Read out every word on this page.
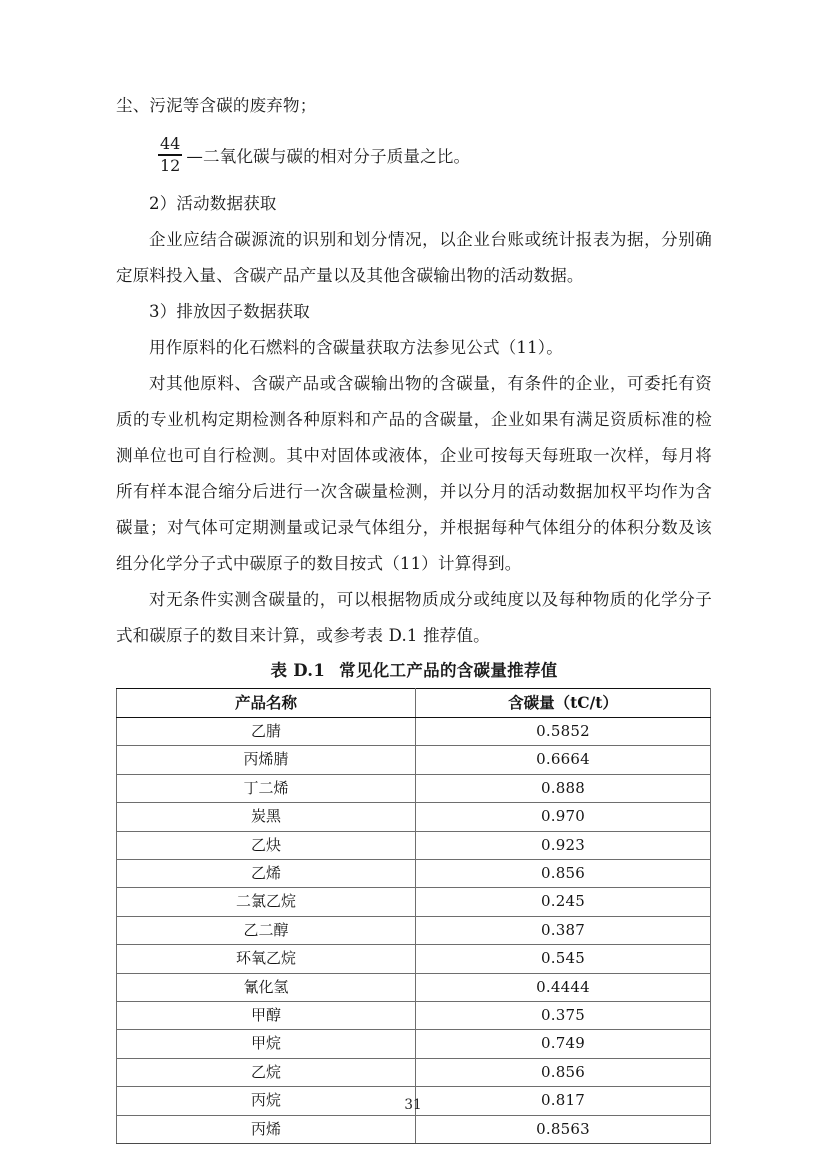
尘、污泥等含碳的废弃物；

$\frac{44}{12}$ —二氧化碳与碳的相对分子质量之比。

2）活动数据获取

企业应结合碳源流的识别和划分情况，以企业台账或统计报表为据，分别确定原料投入量、含碳产品产量以及其他含碳输出物的活动数据。

3）排放因子数据获取

用作原料的化石燃料的含碳量获取方法参见公式（11）。

对其他原料、含碳产品或含碳输出物的含碳量，有条件的企业，可委托有资质的专业机构定期检测各种原料和产品的含碳量，企业如果有满足资质标准的检测单位也可自行检测。其中对固体或液体，企业可按每天每班取一次样，每月将所有样本混合缩分后进行一次含碳量检测，并以分月的活动数据加权平均作为含碳量；对气体可定期测量或记录气体组分，并根据每种气体组分的体积分数及该组分化学分子式中碳原子的数目按式（11）计算得到。

对无条件实测含碳量的，可以根据物质成分或纯度以及每种物质的化学分子式和碳原子的数目来计算，或参考表 D.1 推荐值。

表 D.1 常见化工产品的含碳量推荐值

产品名称	含碳量（tC/t）
乙腈	0.5852
丙烯腈	0.6664
丁二烯	0.888
炭黑	0.970
乙炔	0.923
乙烯	0.856
二氯乙烷	0.245
乙二醇	0.387
环氧乙烷	0.545
氰化氢	0.4444
甲醇	0.375
甲烷	0.749
乙烷	0.856
丙烷	0.817
丙烯	0.8563
31
